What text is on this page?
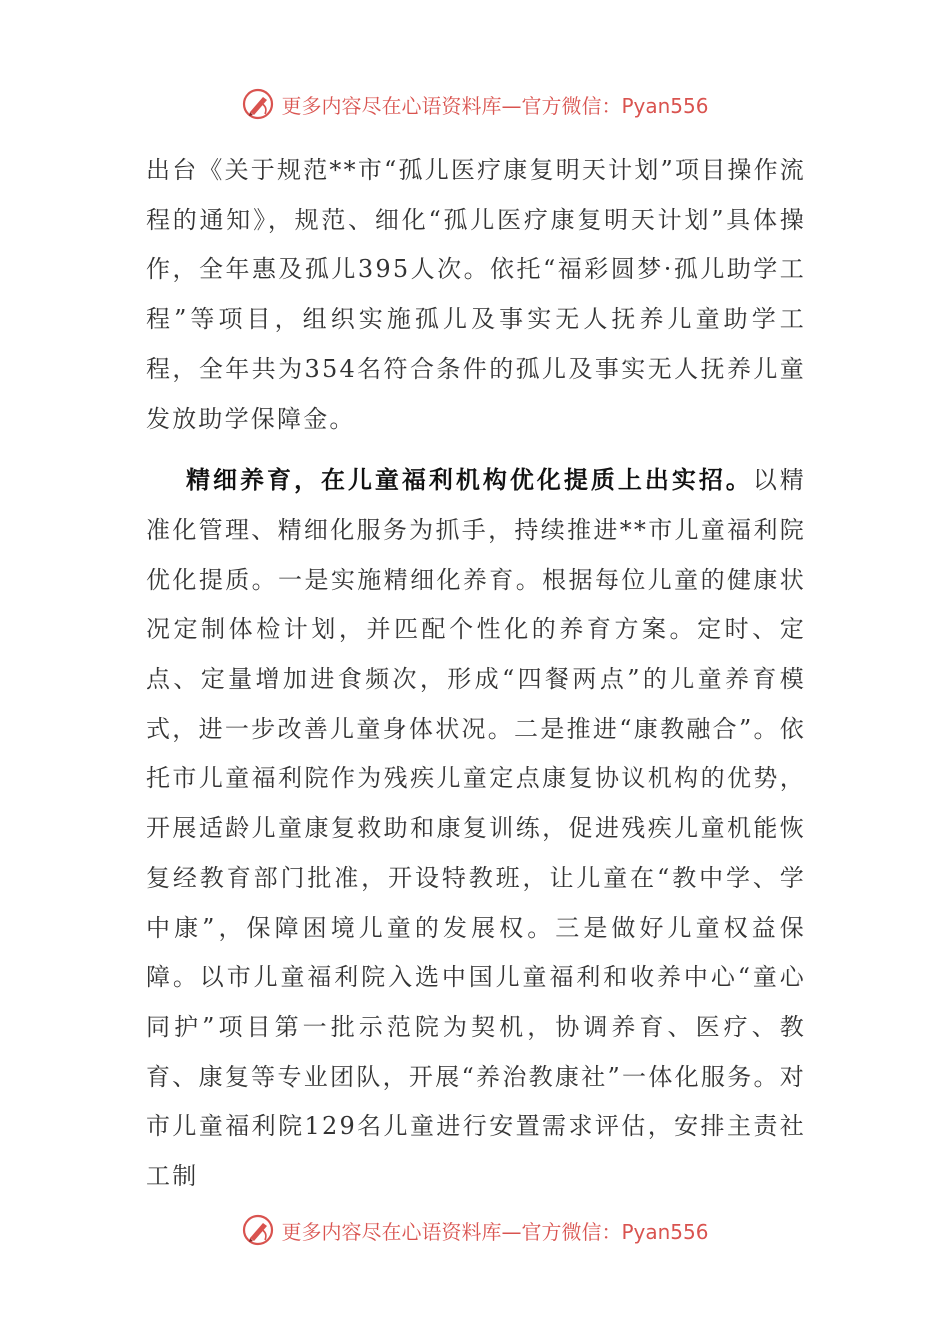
更多内容尽在心语资料库—官方微信：Pyan556

出台《关于规范**市“孤儿医疗康复明天计划”项目操作流程的通知》，规范、细化“孤儿医疗康复明天计划”具体操作，全年惠及孤儿395人次。依托“福彩圆梦·孤儿助学工程”等项目，组织实施孤儿及事实无人抚养儿童助学工程，全年共为354名符合条件的孤儿及事实无人抚养儿童发放助学保障金。

精细养育，在儿童福利机构优化提质上出实招。以精准化管理、精细化服务为抓手，持续推进**市儿童福利院优化提质。一是实施精细化养育。根据每位儿童的健康状况定制体检计划，并匹配个性化的养育方案。定时、定点、定量增加进食频次，形成“四餐两点”的儿童养育模式，进一步改善儿童身体状况。二是推进“康教融合”。依托市儿童福利院作为残疾儿童定点康复协议机构的优势，开展适龄儿童康复救助和康复训练，促进残疾儿童机能恢复经教育部门批准，开设特教班，让儿童在“教中学、学中康”，保障困境儿童的发展权。三是做好儿童权益保障。以市儿童福利院入选中国儿童福利和收养中心“童心同护”项目第一批示范院为契机，协调养育、医疗、教育、康复等专业团队，开展“养治教康社”一体化服务。对市儿童福利院129名儿童进行安置需求评估，安排主责社工制

更多内容尽在心语资料库—官方微信：Pyan556
